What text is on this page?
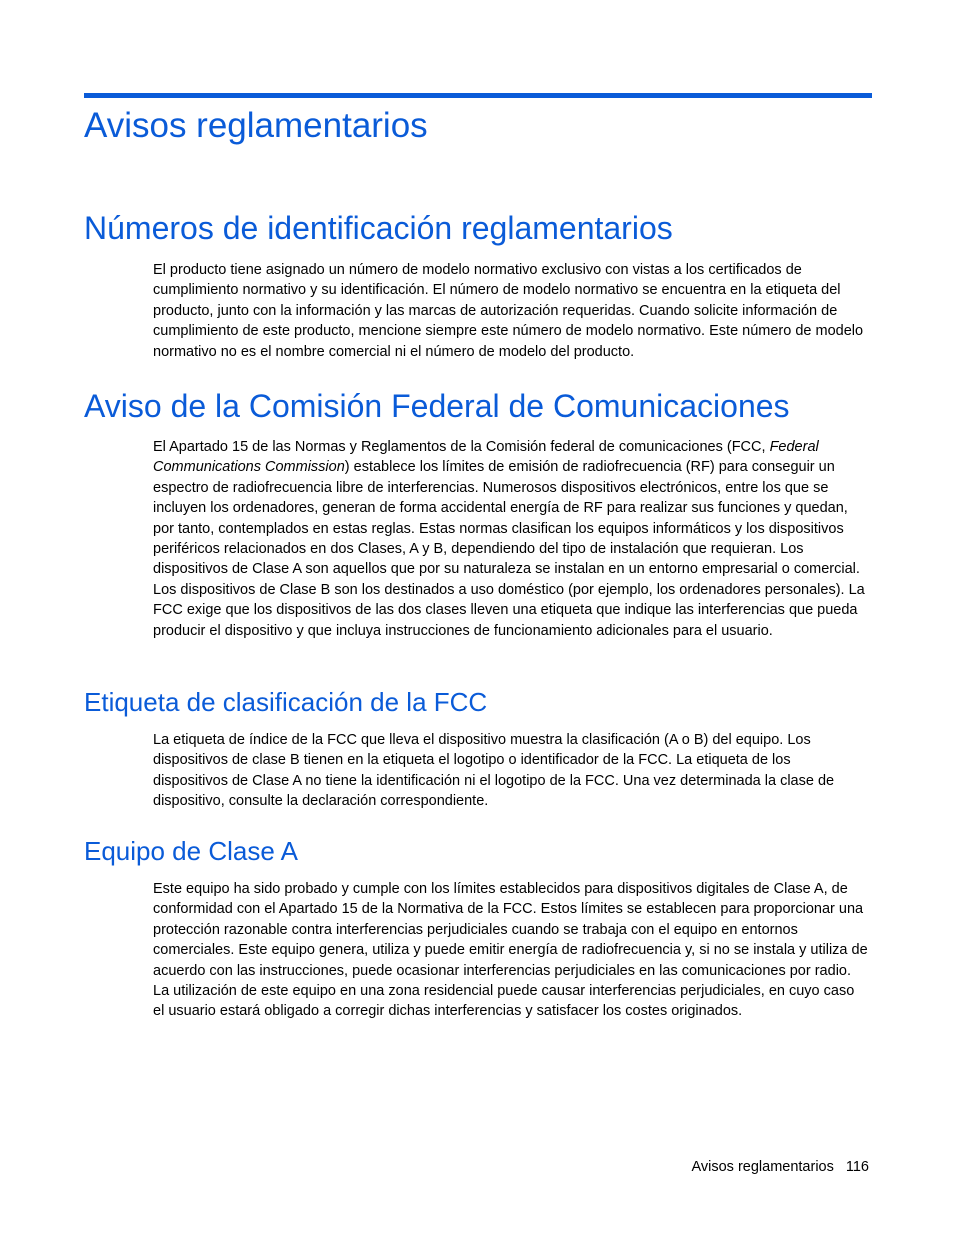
Avisos reglamentarios
Números de identificación reglamentarios

El producto tiene asignado un número de modelo normativo exclusivo con vistas a los certificados de cumplimiento normativo y su identificación. El número de modelo normativo se encuentra en la etiqueta del producto, junto con la información y las marcas de autorización requeridas. Cuando solicite información de cumplimiento de este producto, mencione siempre este número de modelo normativo. Este número de modelo normativo no es el nombre comercial ni el número de modelo del producto.

Aviso de la Comisión Federal de Comunicaciones

El Apartado 15 de las Normas y Reglamentos de la Comisión federal de comunicaciones (FCC, Federal Communications Commission) establece los límites de emisión de radiofrecuencia (RF) para conseguir un espectro de radiofrecuencia libre de interferencias. Numerosos dispositivos electrónicos, entre los que se incluyen los ordenadores, generan de forma accidental energía de RF para realizar sus funciones y quedan, por tanto, contemplados en estas reglas. Estas normas clasifican los equipos informáticos y los dispositivos periféricos relacionados en dos Clases, A y B, dependiendo del tipo de instalación que requieran. Los dispositivos de Clase A son aquellos que por su naturaleza se instalan en un entorno empresarial o comercial. Los dispositivos de Clase B son los destinados a uso doméstico (por ejemplo, los ordenadores personales). La FCC exige que los dispositivos de las dos clases lleven una etiqueta que indique las interferencias que pueda producir el dispositivo y que incluya instrucciones de funcionamiento adicionales para el usuario.

Etiqueta de clasificación de la FCC

La etiqueta de índice de la FCC que lleva el dispositivo muestra la clasificación (A o B) del equipo. Los dispositivos de clase B tienen en la etiqueta el logotipo o identificador de la FCC. La etiqueta de los dispositivos de Clase A no tiene la identificación ni el logotipo de la FCC. Una vez determinada la clase de dispositivo, consulte la declaración correspondiente.

Equipo de Clase A

Este equipo ha sido probado y cumple con los límites establecidos para dispositivos digitales de Clase A, de conformidad con el Apartado 15 de la Normativa de la FCC. Estos límites se establecen para proporcionar una protección razonable contra interferencias perjudiciales cuando se trabaja con el equipo en entornos comerciales. Este equipo genera, utiliza y puede emitir energía de radiofrecuencia y, si no se instala y utiliza de acuerdo con las instrucciones, puede ocasionar interferencias perjudiciales en las comunicaciones por radio. La utilización de este equipo en una zona residencial puede causar interferencias perjudiciales, en cuyo caso el usuario estará obligado a corregir dichas interferencias y satisfacer los costes originados.

Avisos reglamentarios 116
